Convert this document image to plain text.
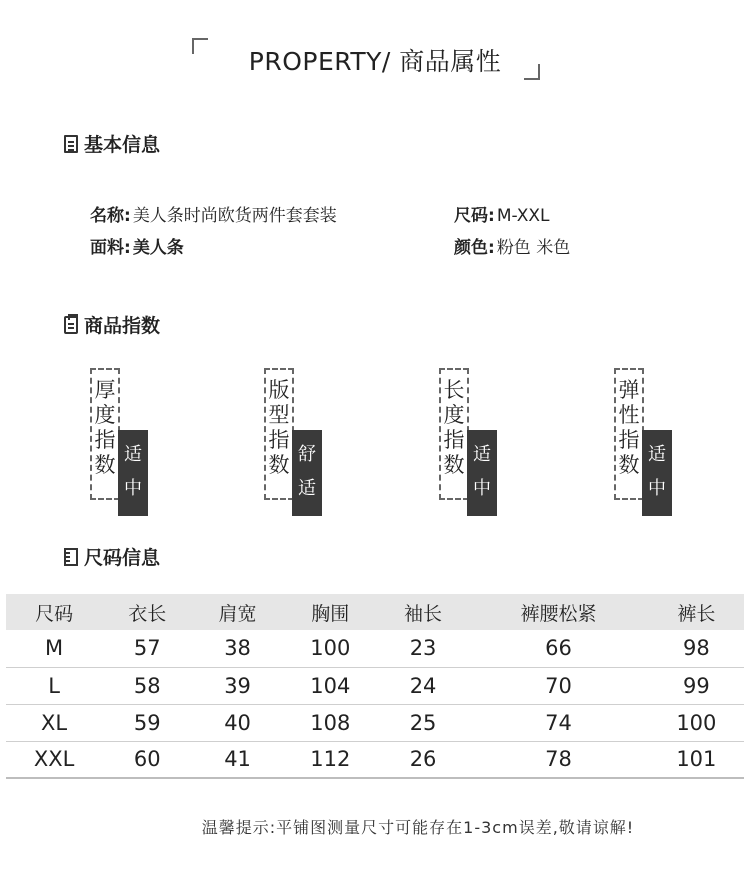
PROPERTY/ 商品属性
基本信息
名称: 美人条时尚欧货两件套套装	尺码: M-XXL
面料: 美人条	颜色: 粉色 米色
商品指数
厚
度
指
数 适
中
版
型
指
数 舒
适
长
度
指
数 适
中
弹
性
指
数 适
中
尺码信息
尺码	衣长	肩宽	胸围	袖长	裤腰松紧	裤长
M	57	38	100	23	66	98
L	58	39	104	24	70	99
XL	59	40	108	25	74	100
XXL	60	41	112	26	78	101
温馨提示:平铺图测量尺寸可能存在1-3cm误差,敬请谅解!
